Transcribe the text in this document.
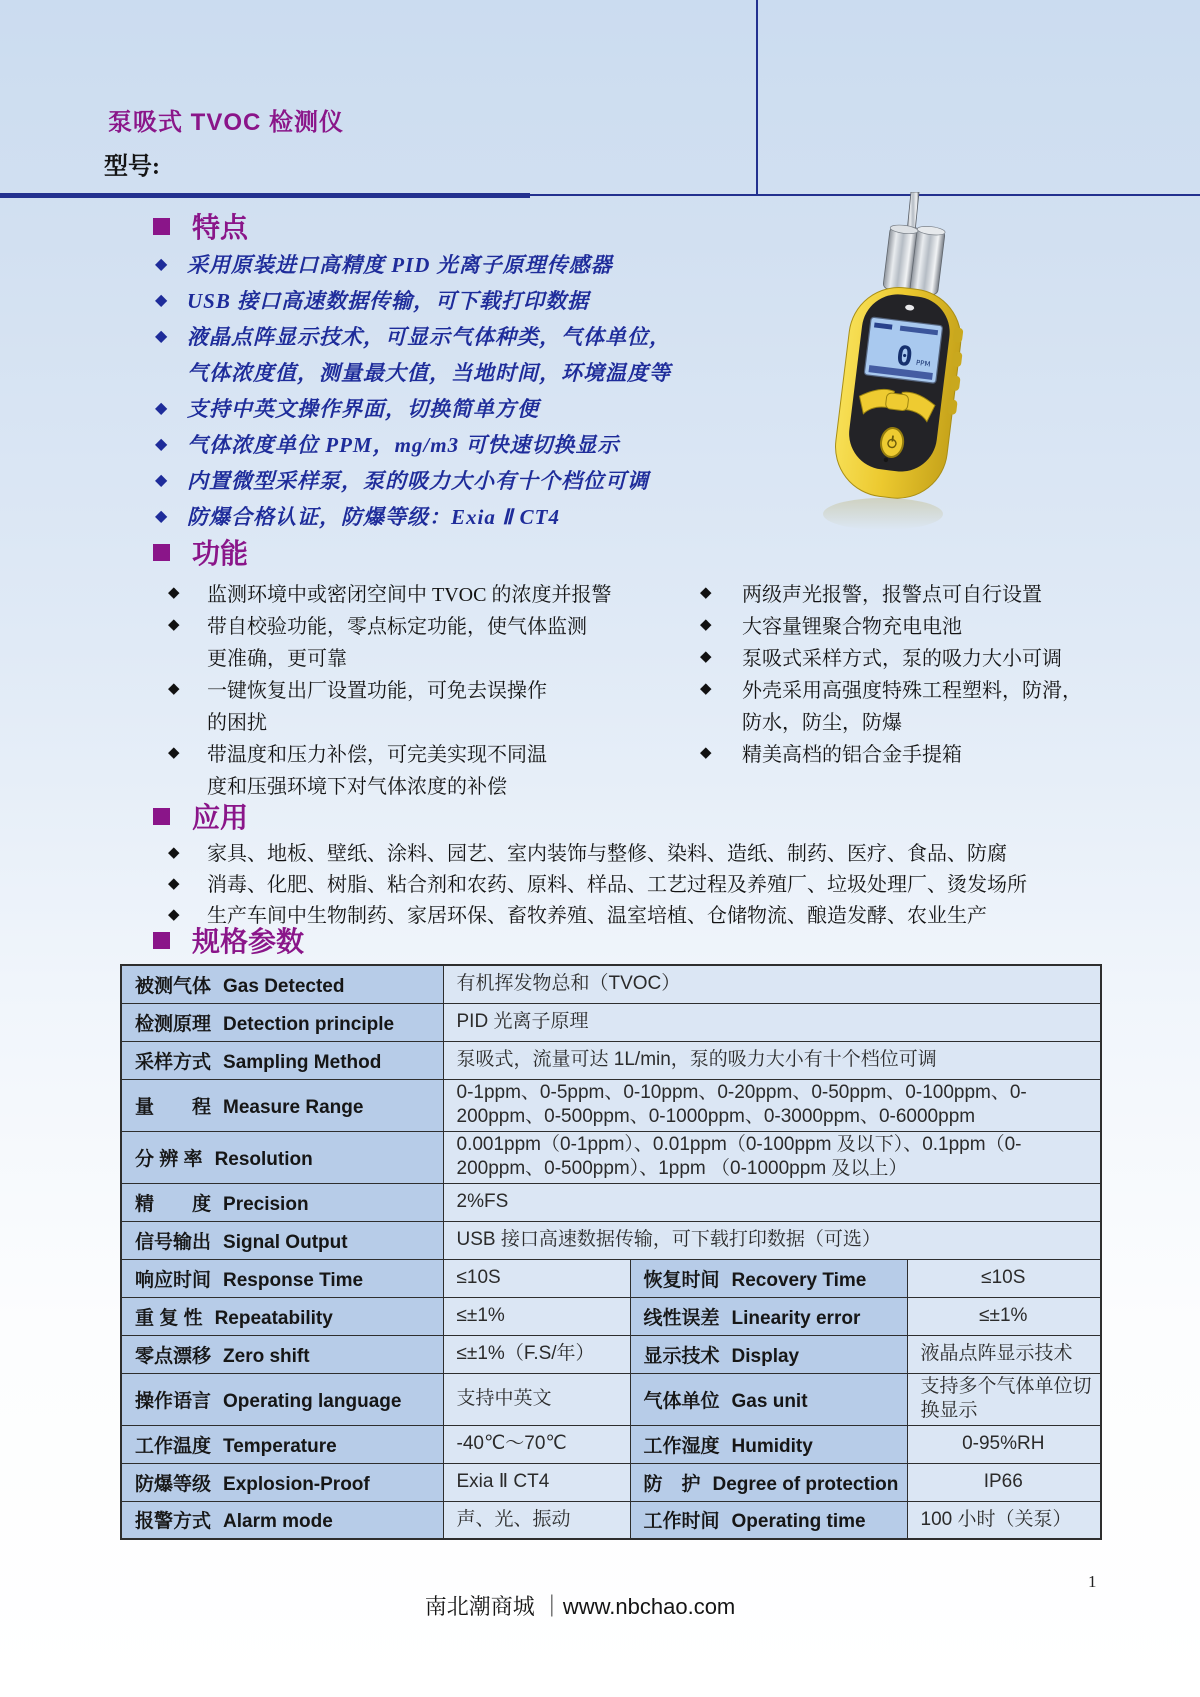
泵吸式 TVOC 检测仪
型号:
0 PPM
特点
◆ 采用原装进口高精度 PID 光离子原理传感器
◆ USB 接口高速数据传输，可下载打印数据
◆ 液晶点阵显示技术，可显示气体种类，气体单位，
气体浓度值，测量最大值，当地时间，环境温度等
◆ 支持中英文操作界面，切换简单方便
◆ 气体浓度单位 PPM，mg/m3 可快速切换显示
◆ 内置微型采样泵，泵的吸力大小有十个档位可调
◆ 防爆合格认证，防爆等级：Exia Ⅱ CT4
功能
◆	监测环境中或密闭空间中 TVOC 的浓度并报警
◆	带自校验功能，零点标定功能，使气体监测
更准确，更可靠
◆	一键恢复出厂设置功能，可免去误操作
的困扰
◆	带温度和压力补偿，可完美实现不同温
度和压强环境下对气体浓度的补偿
◆	两级声光报警，报警点可自行设置
◆	大容量锂聚合物充电电池
◆	泵吸式采样方式，泵的吸力大小可调
◆	外壳采用高强度特殊工程塑料，防滑，
防水，防尘，防爆
◆	精美高档的铝合金手提箱
应用
◆	家具、地板、壁纸、涂料、园艺、室内装饰与整修、染料、造纸、制药、医疗、食品、防腐
◆	消毒、化肥、树脂、粘合剂和农药、原料、样品、工艺过程及养殖厂、垃圾处理厂、烫发场所
◆	生产车间中生物制药、家居环保、畜牧养殖、温室培植、仓储物流、酿造发酵、农业生产
规格参数
被测气体 Gas Detected	有机挥发物总和（TVOC）		
检测原理 Detection principle	PID 光离子原理		
采样方式 Sampling Method	泵吸式，流量可达 1L/min，泵的吸力大小有十个档位可调		
量　　程 Measure Range	0-1ppm、0-5ppm、0-10ppm、0-20ppm、0-50ppm、0-100ppm、0-200ppm、0-500ppm、0-1000ppm、0-3000ppm、0-6000ppm		
分 辨 率 Resolution	0.001ppm（0-1ppm）、0.01ppm（0-100ppm 及以下）、0.1ppm（0-200ppm、0-500ppm）、1ppm （0-1000ppm 及以上）		
精　　度 Precision	2%FS		
信号输出 Signal Output	USB 接口高速数据传输，可下载打印数据（可选）		
响应时间 Response Time	≤10S	恢复时间 Recovery Time	≤10S
重 复 性 Repeatability	≤±1%	线性误差 Linearity error	≤±1%
零点漂移 Zero shift	≤±1%（F.S/年）	显示技术 Display	液晶点阵显示技术
操作语言 Operating language	支持中英文	气体单位 Gas unit	支持多个气体单位切换显示
工作温度 Temperature	-40℃～70℃	工作湿度 Humidity	0-95%RH
防爆等级 Explosion-Proof	Exia Ⅱ CT4	防　护 Degree of protection	IP66
报警方式 Alarm mode	声、光、振动	工作时间 Operating time	100 小时（关泵）
南北潮商城 ｜www.nbchao.com
1
